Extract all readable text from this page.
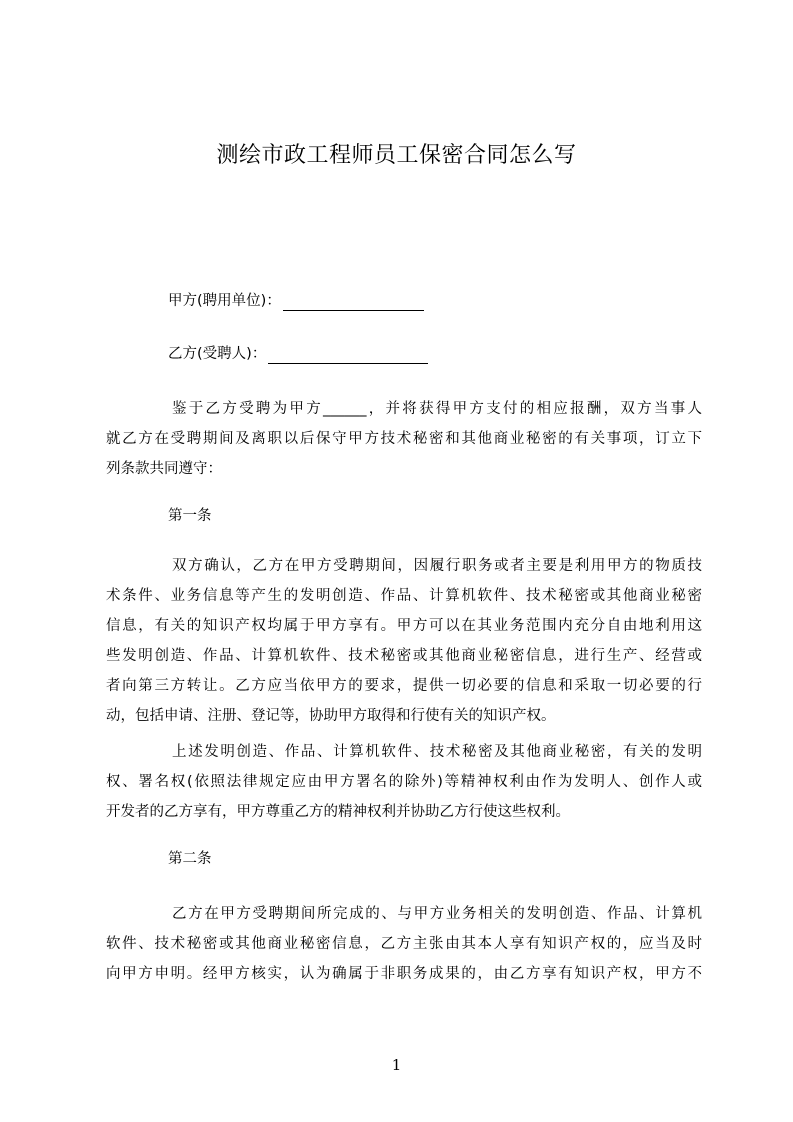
测绘市政工程师员工保密合同怎么写
甲方(聘用单位)：
乙方(受聘人)：
鉴于乙方受聘为甲方______，并将获得甲方支付的相应报酬，双方当事人
就乙方在受聘期间及离职以后保守甲方技术秘密和其他商业秘密的有关事项，订立下
列条款共同遵守：
第一条
双方确认，乙方在甲方受聘期间，因履行职务或者主要是利用甲方的物质技
术条件、业务信息等产生的发明创造、作品、计算机软件、技术秘密或其他商业秘密
信息，有关的知识产权均属于甲方享有。甲方可以在其业务范围内充分自由地利用这
些发明创造、作品、计算机软件、技术秘密或其他商业秘密信息，进行生产、经营或
者向第三方转让。乙方应当依甲方的要求，提供一切必要的信息和采取一切必要的行
动，包括申请、注册、登记等，协助甲方取得和行使有关的知识产权。
上述发明创造、作品、计算机软件、技术秘密及其他商业秘密，有关的发明
权、署名权(依照法律规定应由甲方署名的除外)等精神权利由作为发明人、创作人或
开发者的乙方享有，甲方尊重乙方的精神权利并协助乙方行使这些权利。
第二条
乙方在甲方受聘期间所完成的、与甲方业务相关的发明创造、作品、计算机
软件、技术秘密或其他商业秘密信息，乙方主张由其本人享有知识产权的，应当及时
向甲方申明。经甲方核实，认为确属于非职务成果的，由乙方享有知识产权，甲方不
1
